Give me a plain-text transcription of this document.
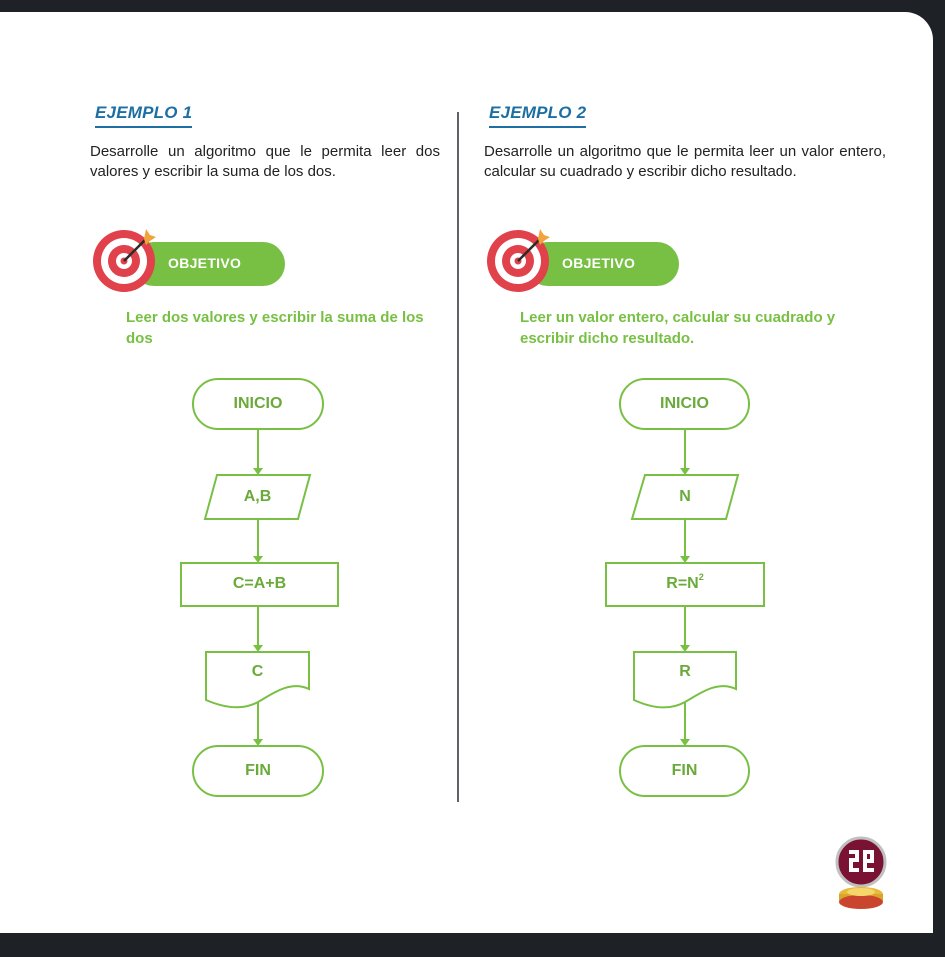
EJEMPLO 1
Desarrolle un algoritmo que le permita leer dos valores y escribir la suma de los dos.
OBJETIVO
Leer dos valores y escribir la suma de los dos
INICIO
A,B
C=A+B
C
FIN
EJEMPLO 2
Desarrolle un algoritmo que le permita leer un valor entero, calcular su cuadrado y escribir dicho resultado.
OBJETIVO
Leer un valor entero, calcular su cuadrado y escribir dicho resultado.
INICIO
N
$R=N^2$
R
FIN
